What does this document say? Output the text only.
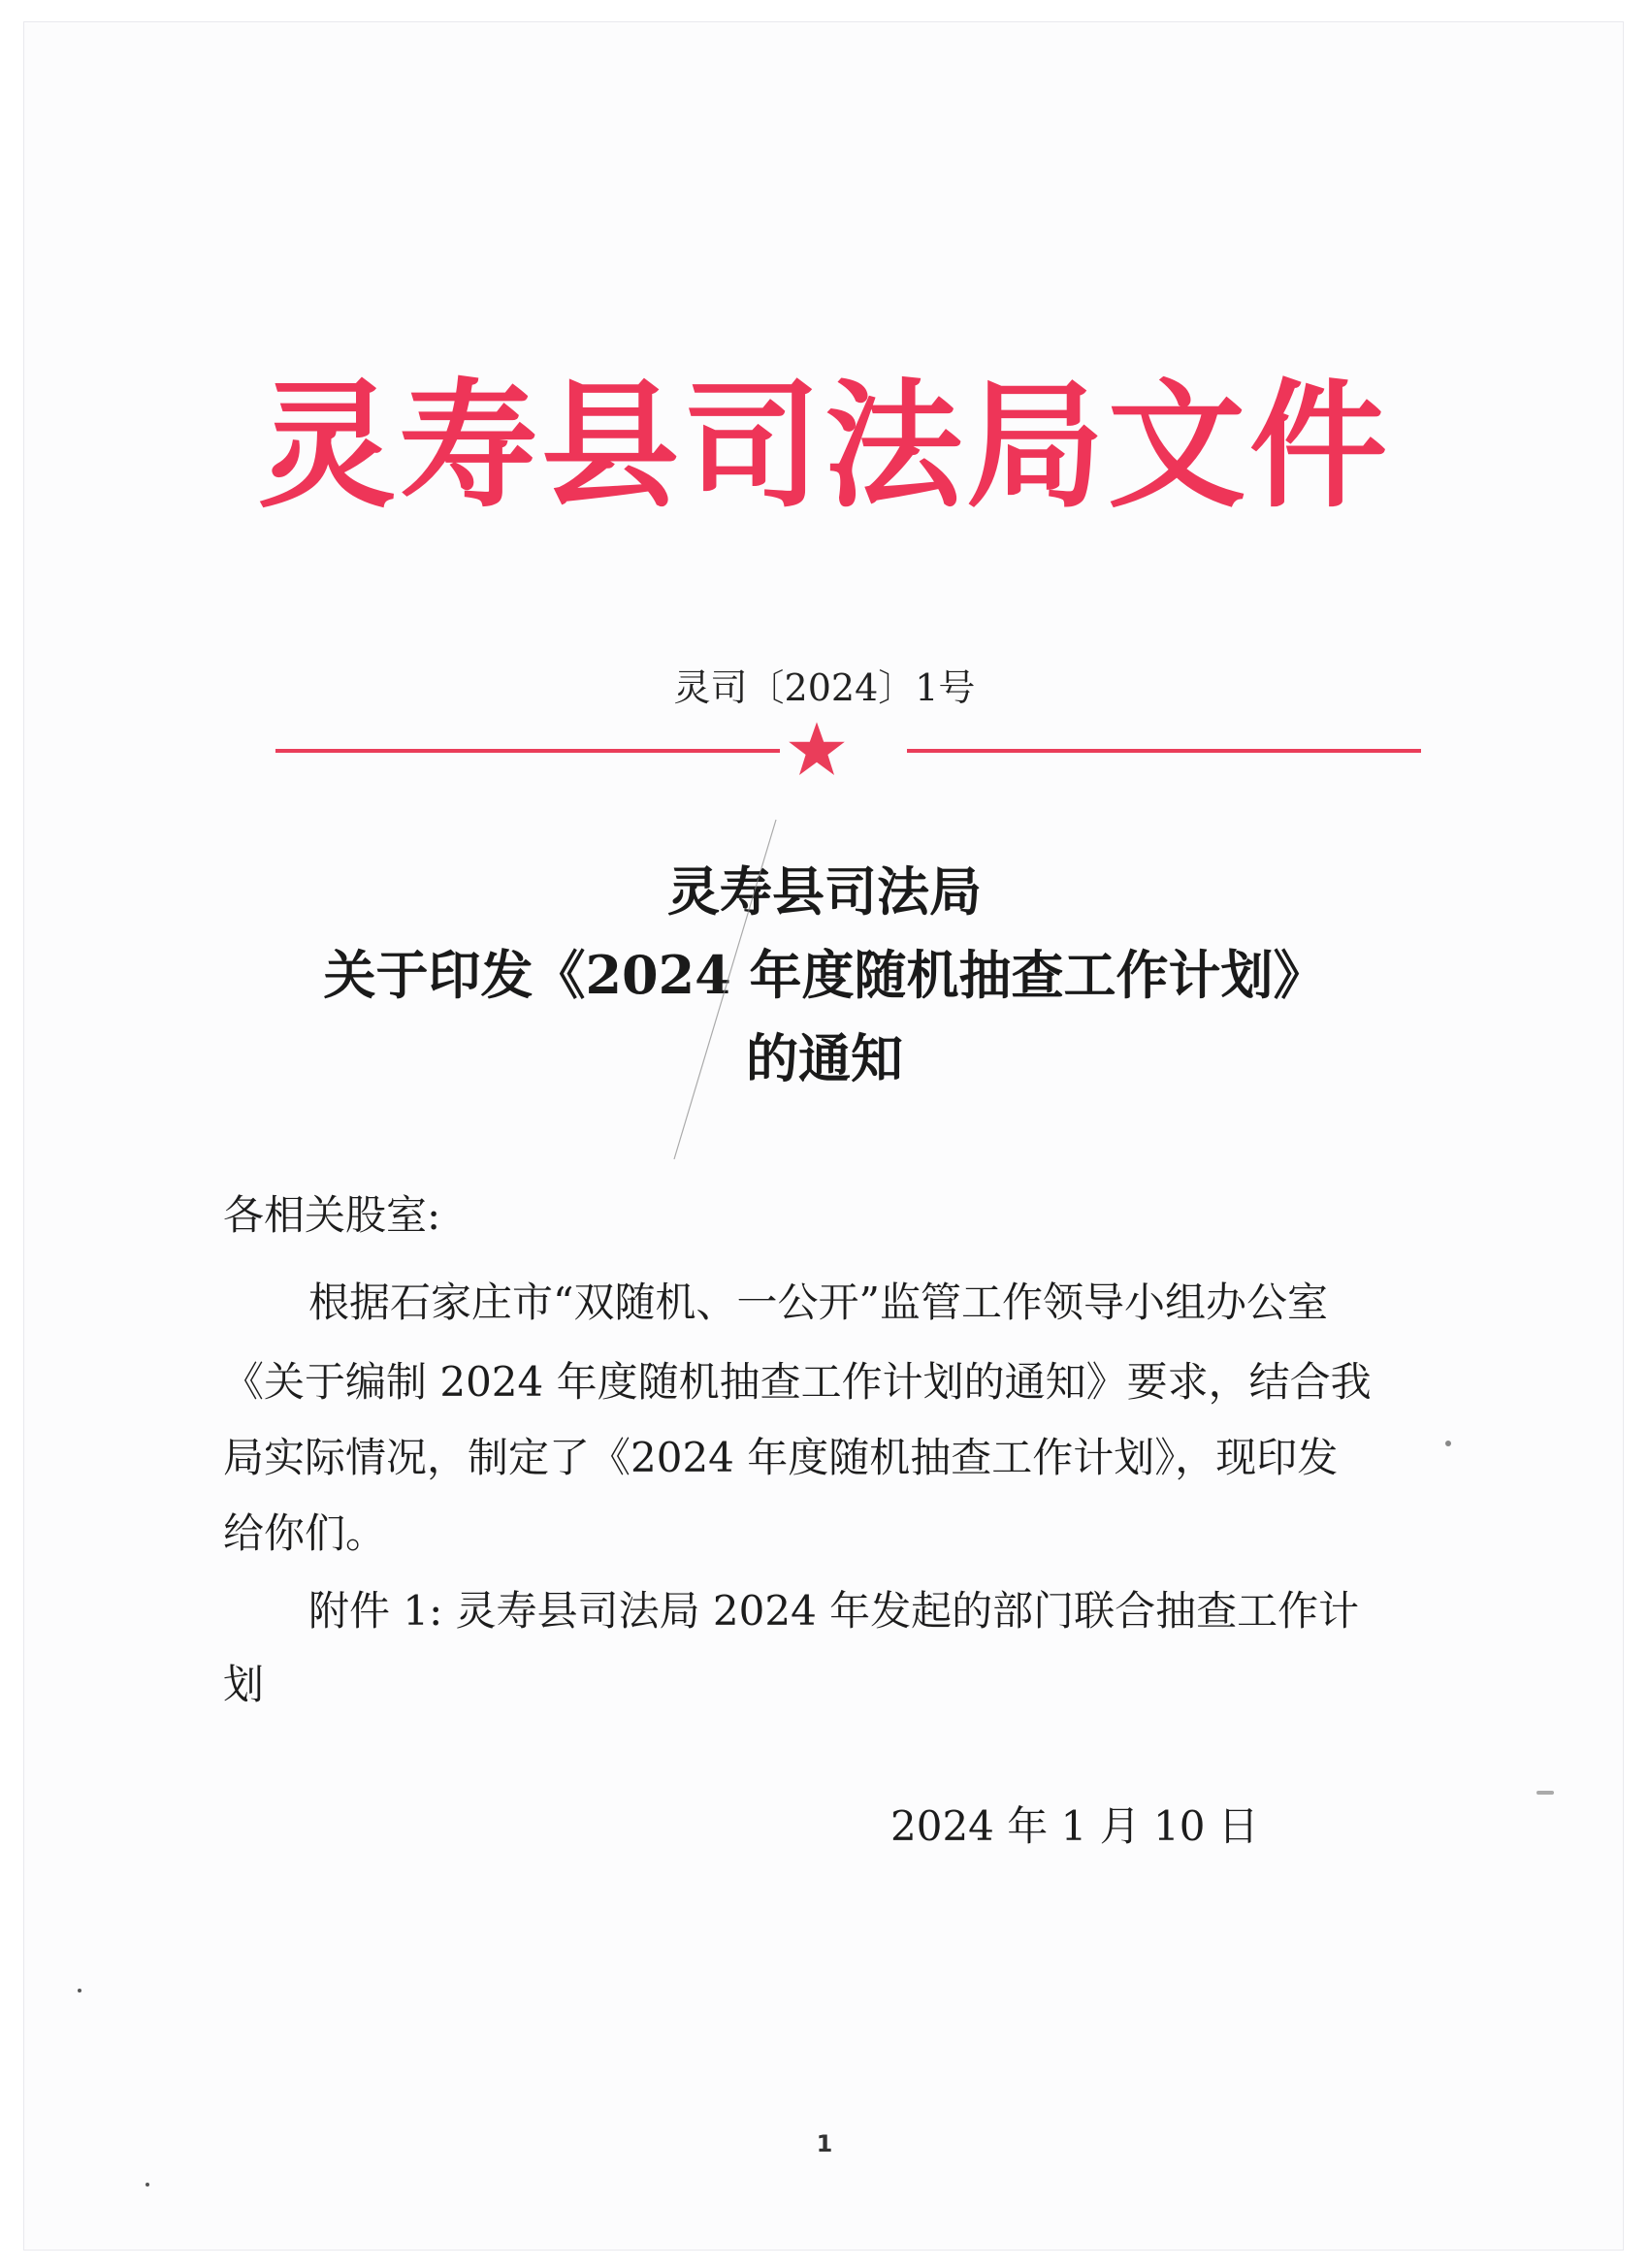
灵寿县司法局文件
灵司〔2024〕1号
灵寿县司法局
关于印发《2024 年度随机抽查工作计划》
的通知
各相关股室:
根据石家庄市“双随机、一公开”监管工作领导小组办公室
《关于编制 2024 年度随机抽查工作计划的通知》要求，结合我
局实际情况，制定了《2024 年度随机抽查工作计划》，现印发
给你们。
附件 1: 灵寿县司法局 2024 年发起的部门联合抽查工作计
划
2024 年 1 月 10 日
1
